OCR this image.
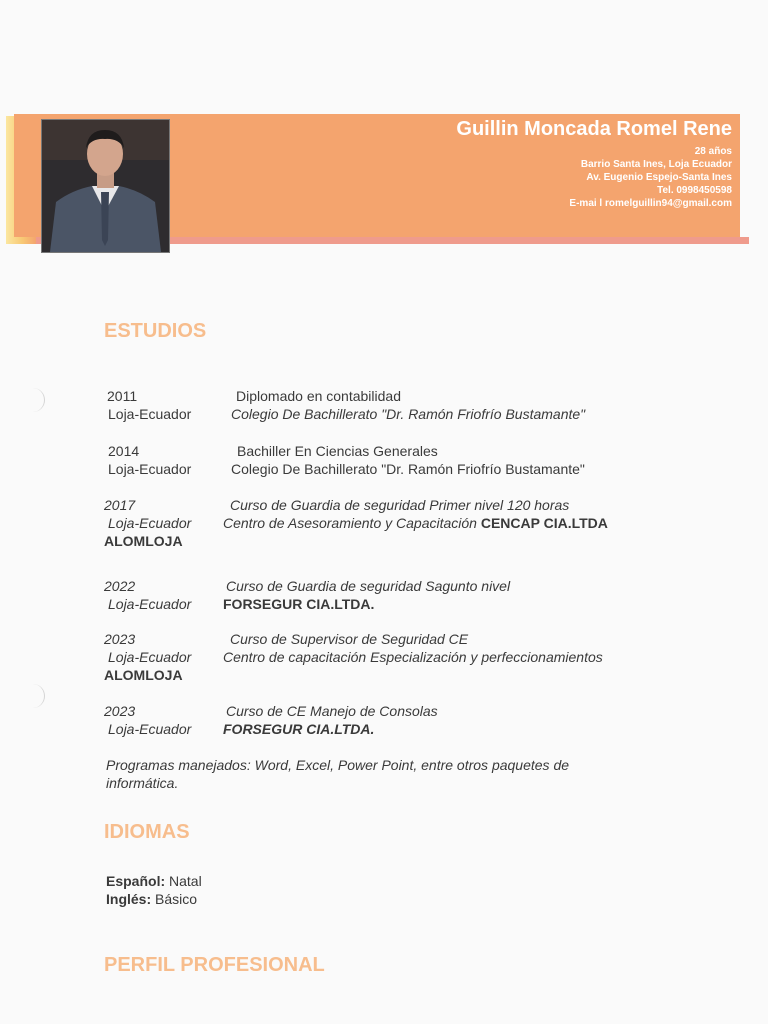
Guillin Moncada Romel Rene
28 años
Barrio Santa Ines, Loja Ecuador
Av. Eugenio Espejo-Santa Ines
Tel. 0998450598
E-mai l romelguillin94@gmail.com
ESTUDIOS
2011	Diplomado en contabilidad
Loja-Ecuador	Colegio De Bachillerato "Dr. Ramón Friofrío Bustamante"
2014	Bachiller En Ciencias Generales
Loja-Ecuador	Colegio De Bachillerato "Dr. Ramón Friofrío Bustamante"
2017	Curso de Guardia de seguridad Primer nivel 120 horas
Loja-Ecuador Centro de Asesoramiento y Capacitación CENCAP CIA.LTDA
ALOMLOJA
2022	Curso de Guardia de seguridad Sagunto nivel
Loja-Ecuador FORSEGUR CIA.LTDA.
2023	Curso de Supervisor de Seguridad CE
Loja-Ecuador Centro de capacitación Especialización y perfeccionamientos
ALOMLOJA
2023	Curso de CE Manejo de Consolas
Loja-Ecuador FORSEGUR CIA.LTDA.
Programas manejados: Word, Excel, Power Point, entre otros paquetes de
informática.
IDIOMAS
Español: Natal
Inglés: Básico
PERFIL PROFESIONAL
